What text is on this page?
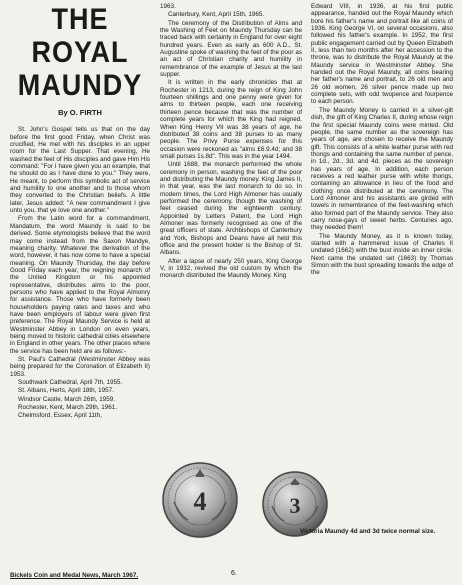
THE ROYAL
MAUNDY
By O. FIRTH

St. John's Gospel tells us that on the day before the first good Friday, when Christ was crucified, He met with his disciples in an upper room for the Last Supper. That evening, He washed the feet of His disciples and gave Him His command: "For I have given you an example, that he should do as I have done to you." They were, He meant, to perform this symbolic act of service and humility to one another and to those whom they converted to the Christian beliefs. A little later, Jesus added: "A new commandment I give unto you, that ye love one another."

From the Latin word for a commandment, Mandatum, the word Maundy is said to be derived. Some etymologists believe that the word may come instead from the Saxon Mandye, meaning charity. Whatever the derivation of the word, however, it has now come to have a special meaning. On Maundy Thursday, the day before Good Friday each year, the reigning monarch of the United Kingdom or his appointed representative, distributes alms to the poor, persons who have applied to the Royal Almonry for assistance. Those who have formerly been householders paying rates and taxes and who have been employers of labour were given first preference. The Royal Maundy Service is held at Westminster Abbey in London on even years, being moved to historic cathedral cities elsewhere in England in other years. The other places where the service has been held are as follows:-

St. Paul's Cathedral (Westminster Abbey was being prepared for the Coronation of Elizabeth II) 1953.

Southwark Cathedral, April 7th, 1955.

St. Albans, Herts, April 18th, 1957.

Windsor Castle, March 26th, 1959.

Rochester, Kent, March 29th, 1961.

Chelmsford, Essex, April 11th,

1963.

Canterbury, Kent, April 15th, 1965.

The ceremony of the Distribution of Alms and the Washing of Feet on Maundy Thursday can be traced back with certainty in England for over eight hundred years. Even as early as 600 A.D., St. Augustine spoke of washing the feet of the poor as an act of Christian charity and humility in remembrance of the example of Jesus at the last supper.

It is written in the early chronicles that at Rochester in 1213, during the reign of King John fourteen shillings and one penny were given for alms to thirteen people, each one receiving thirteen pence because that was the number of complete years for which the King had reigned. When King Henry VII was 38 years of age, he distributed 38 coins and 38 purses to as many people. The Privy Purse expenses for this occasion were reckoned as "alms £6.9.4d; and 38 small purses 1s.8d". This was in the year 1494.

Until 1688, the monarch performed the whole ceremony in person, washing the feet of the poor and distributing the Maundy money. King James II, in that year, was the last monarch to do so. In modern times, the Lord High Almoner has usually performed the ceremony, though the washing of feet ceased during the eighteenth century. Appointed by Letters Patent, the Lord High Almoner was formerly recognised as one of the great officers of state. Archbishops of Canterbury and York, Bishops and Deans have all held this office and the present holder is the Bishop of St. Albans.

After a lapse of nearly 250 years, King George V, in 1932, revived the old custom by which the monarch distributed the Maundy Money. King

Edward VIII, in 1936, at his first public appearance, handed out the Royal Maundy which bore his father's name and portrait like all coins of 1936. King George VI, on several occasions, also followed his father's example. In 1952, the first public engagement carried out by Queen Elizabeth II, less than two months after her accession to the throne, was to distribute the Royal Maundy at the Maundy service in Westminster Abbey. She handed out the Royal Maundy, all coins bearing her father's name and portrait, to 26 old men and 26 old women, 26 silver pence made up two complete sets, with odd twopence and fourpence to each person.

The Maundy Money is carried in a silver-gilt dish, the gift of King Charles II, during whose reign the first special Maundy coins were minted. Old people, the same number as the sovereign has years of age, are chosen to receive the Maundy gift. This consists of a white leather purse with red thongs and containing the same number of pence, in 1d., 2d., 3d. and 4d. pieces as the sovereign has years of age. In addition, each person receives a red leather purse with white thongs, containing an allowance in lieu of the food and clothing once distributed at the ceremony. The Lord Almoner and his assistants are girded with towels in remembrance of the feet-washing which also formed part of the Maundy service. They also carry nose-gays of sweet herbs. Centuries ago, they needed them!

The Maundy Money, as it is known today, started with a hammered issue of Charles II undated (1662) with the bust inside an inner circle. Next came the undated set (1663) by Thomas Simon with the bust spreading towards the edge of the

4	3
Victoria Maundy 4d and 3d twice normal size.
Bickels Coin and Medal News, March 1967.	6.
